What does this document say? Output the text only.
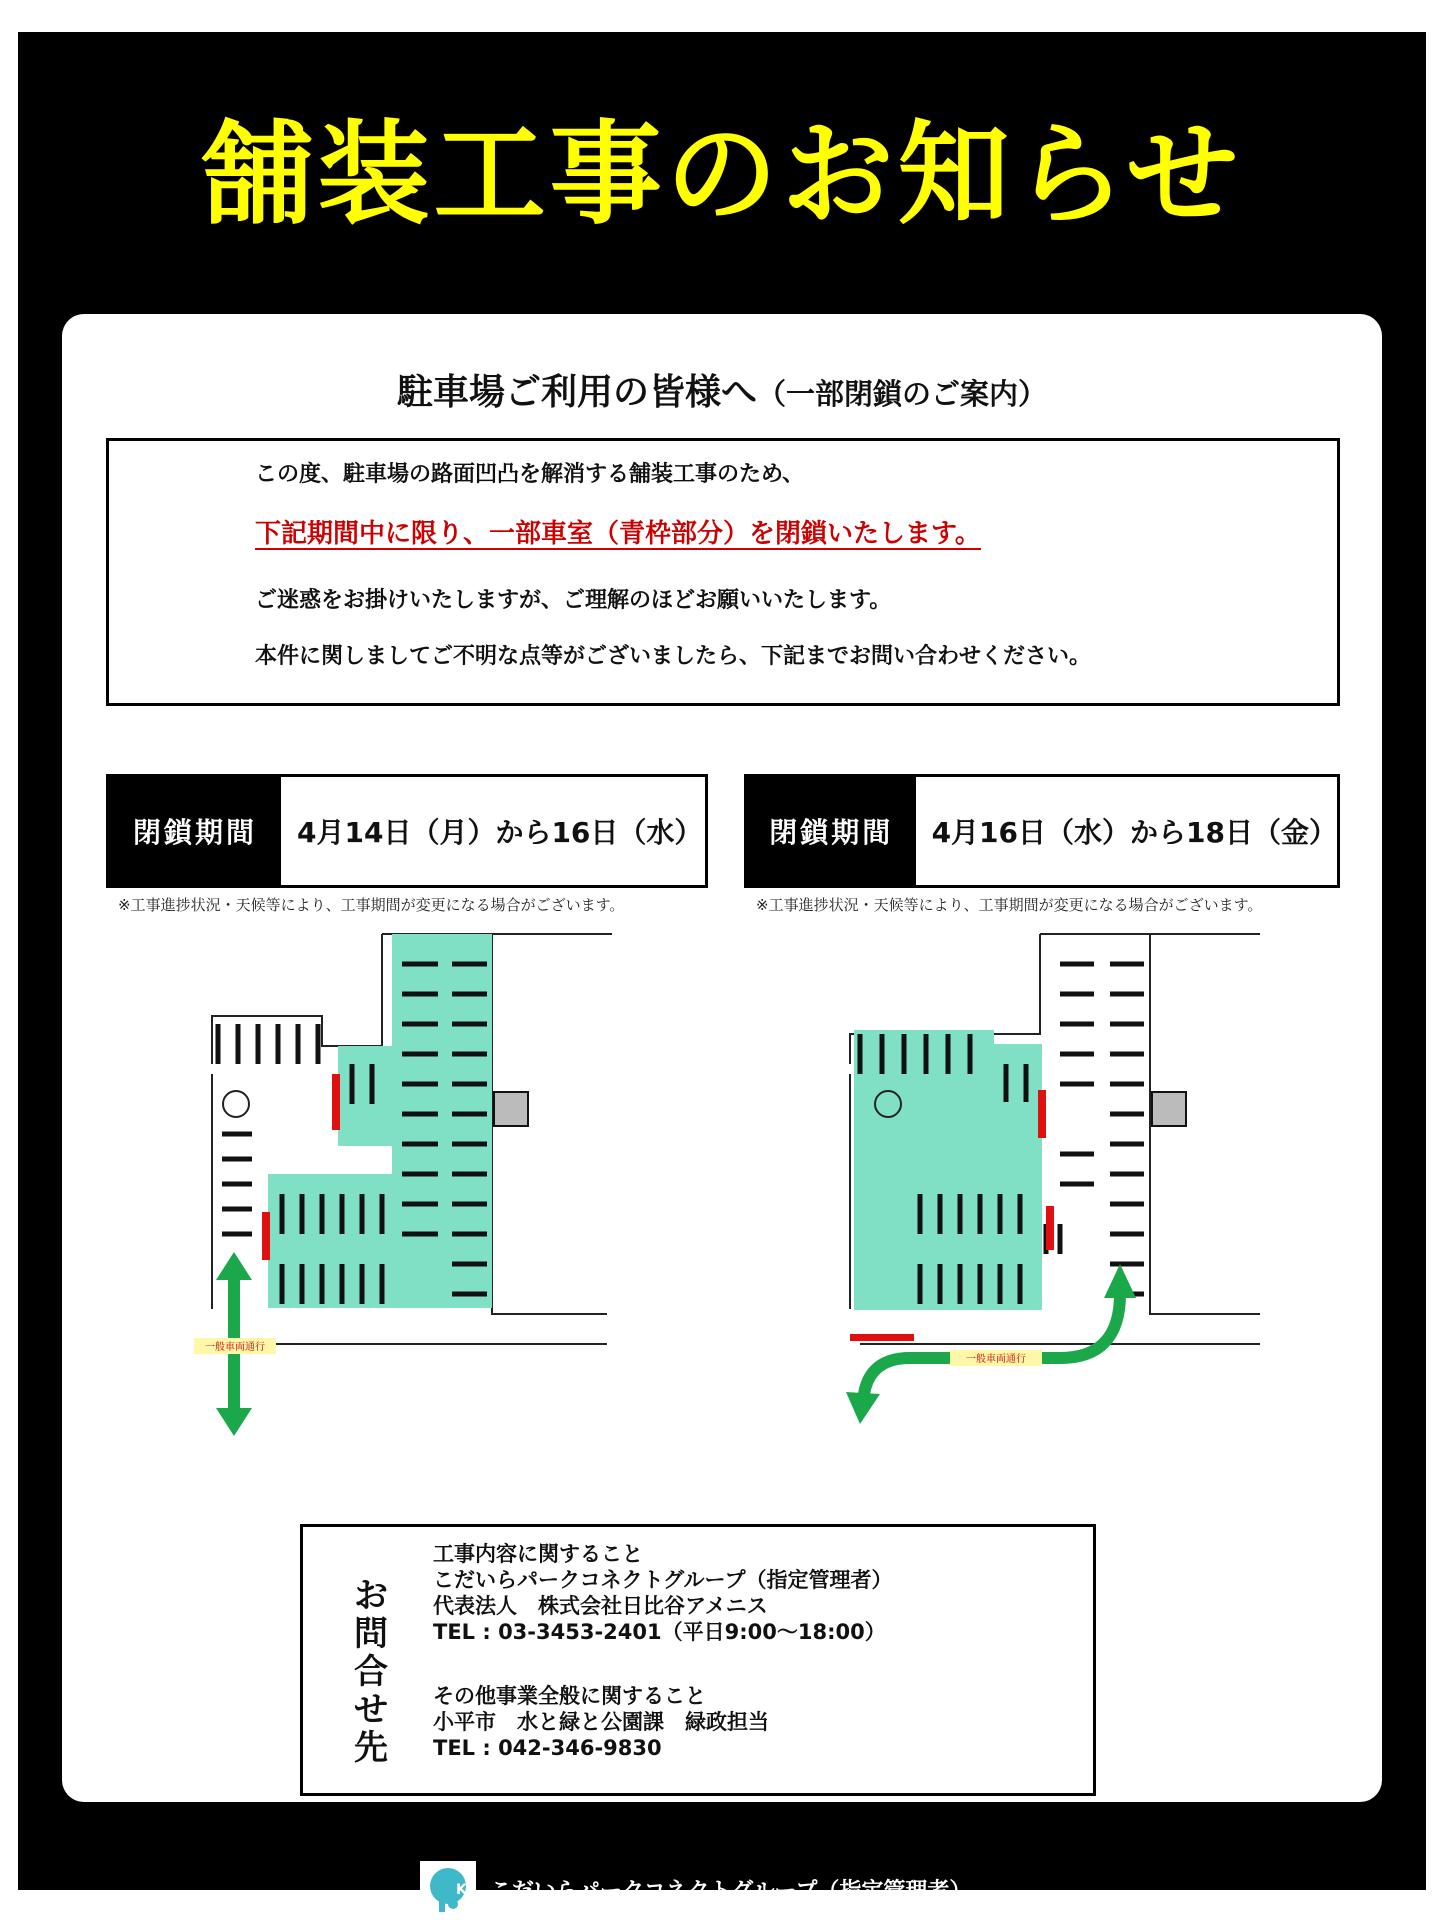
舗装工事のお知らせ
駐車場ご利用の皆様へ（一部閉鎖のご案内）

この度、駐車場の路面凹凸を解消する舗装工事のため、

下記期間中に限り、一部車室（青枠部分）を閉鎖いたします。

ご迷惑をお掛けいたしますが、ご理解のほどお願いいたします。

本件に関しましてご不明な点等がございましたら、下記までお問い合わせください。

閉鎖期間	4月14日（月）から16日（水）
※工事進捗状況・天候等により、工事期間が変更になる場合がございます。
閉鎖期間	4月16日（水）から18日（金）
※工事進捗状況・天候等により、工事期間が変更になる場合がございます。
一般車両通行
一般車両通行
お
問
合
せ
先
工事内容に関すること
こだいらパークコネクトグループ（指定管理者）
代表法人　株式会社日比谷アメニス
TEL : 03-3453-2401（平日9:00～18:00）
その他事業全般に関すること
小平市　水と緑と公園課　緑政担当
TEL : 042-346-9830
Ko こだいらパークコネクトグループ（指定管理者）
